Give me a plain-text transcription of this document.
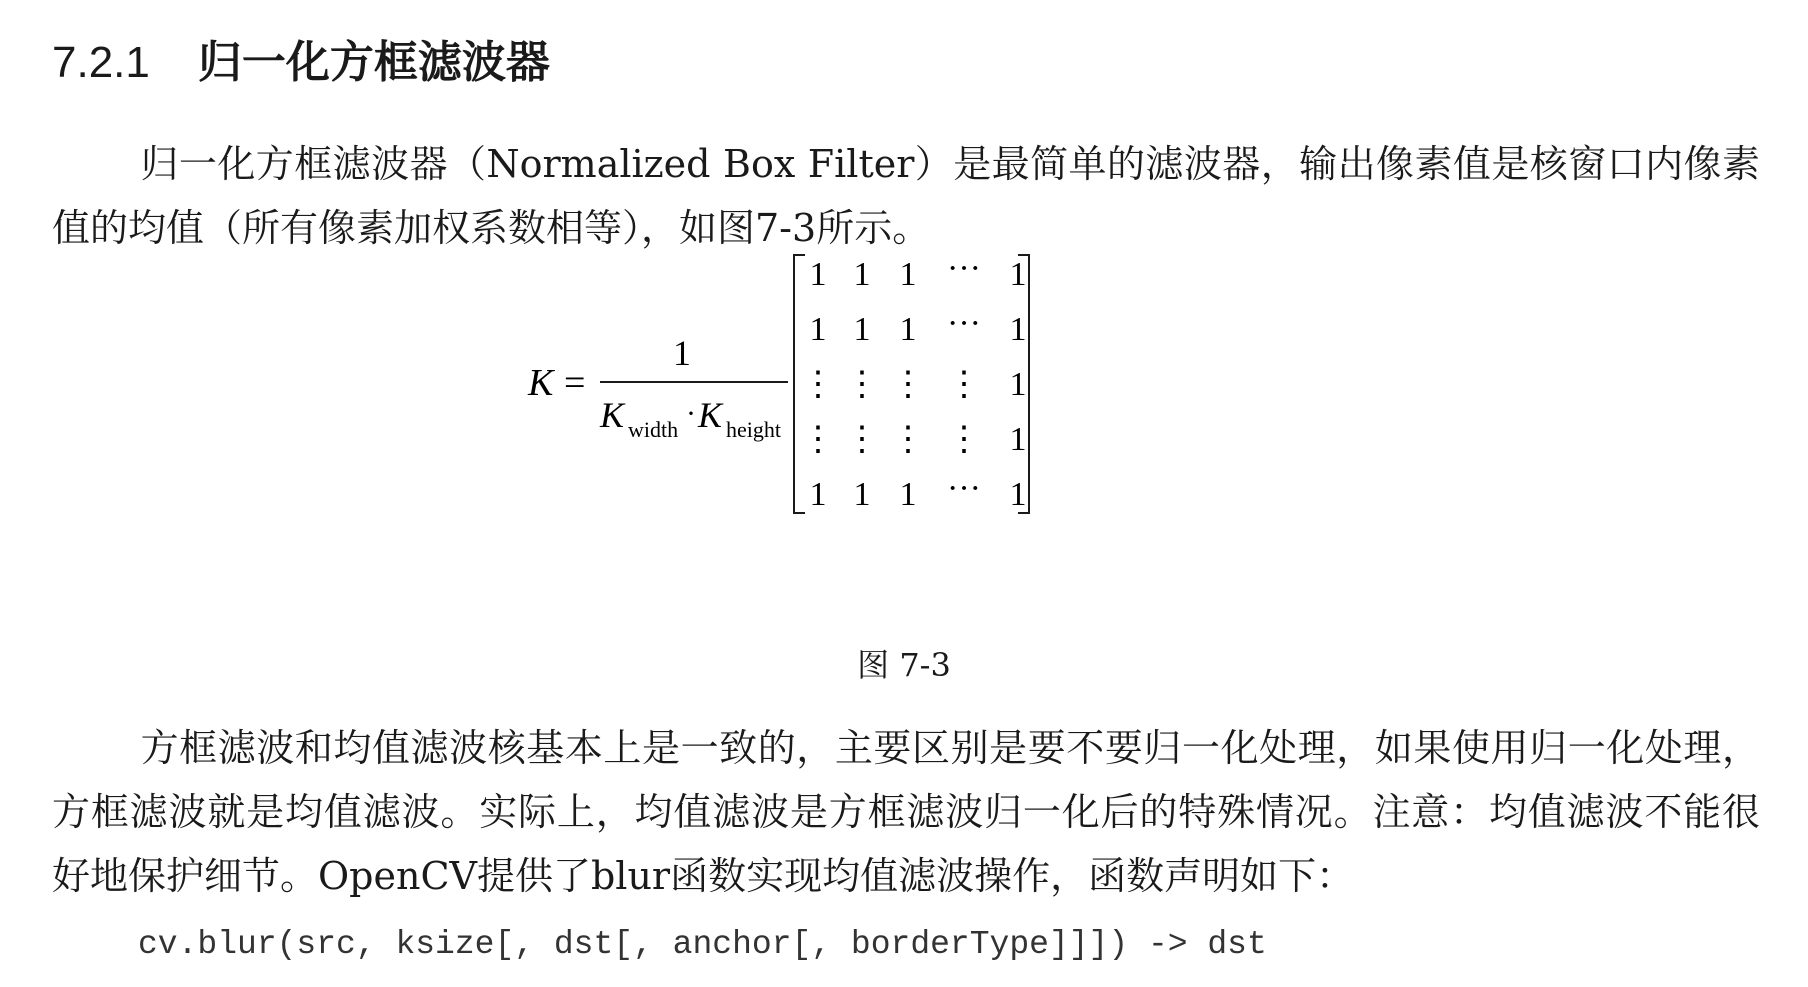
7.2.1 归一化方框滤波器

归一化方框滤波器（Normalized Box Filter）是最简单的滤波器，输出像素值是核窗口内像素值的均值（所有像素加权系数相等），如图7-3所示。

K =
1
K width · K height
1 1 1 ··· 1
1 1 1 ··· 1
⋮ ⋮ ⋮ ⋮ 1
⋮ ⋮ ⋮ ⋮ 1
1 1 1 ··· 1

图 7-3

方框滤波和均值滤波核基本上是一致的，主要区别是要不要归一化处理，如果使用归一化处理，方框滤波就是均值滤波。实际上，均值滤波是方框滤波归一化后的特殊情况。注意：均值滤波不能很好地保护细节。OpenCV提供了blur函数实现均值滤波操作，函数声明如下：

cv.blur(src, ksize[, dst[, anchor[, borderType]]]) -> dst
